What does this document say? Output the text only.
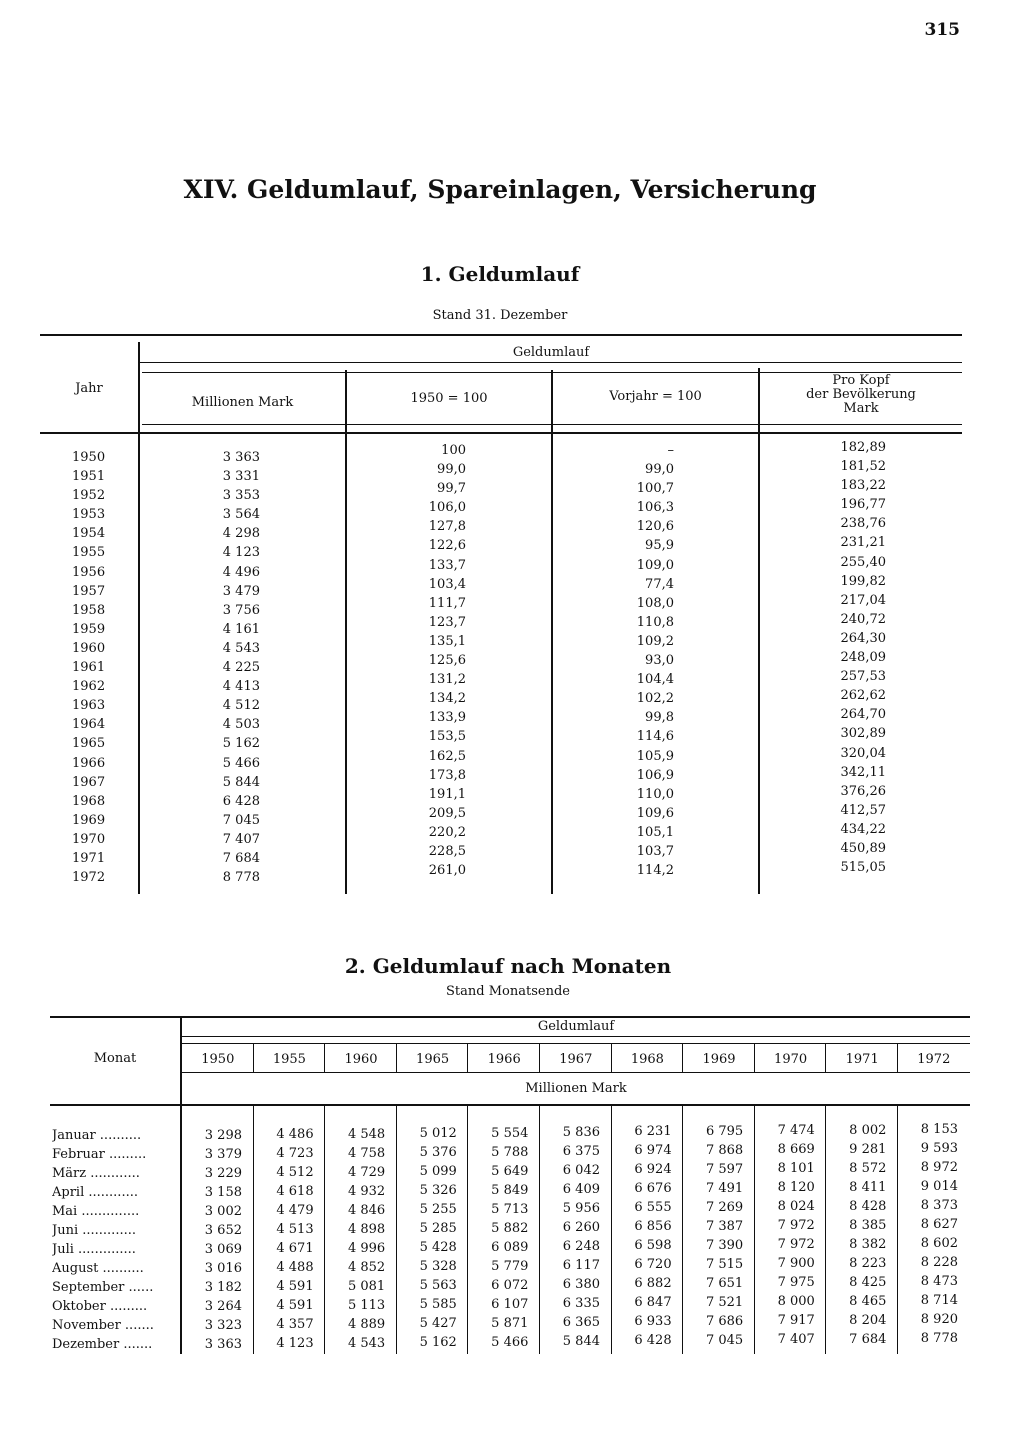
315
XIV. Geldumlauf, Spareinlagen, Versicherung
1. Geldumlauf
Stand 31. Dezember
Jahr
Geldumlauf
Millionen Mark	1950 = 100	Vorjahr = 100
Pro Kopf
der Bevölkerung
Mark
1950	3 363	100	–	182,89
1951	3 331	99,0	99,0	181,52
1952	3 353	99,7	100,7	183,22
1953	3 564	106,0	106,3	196,77
1954	4 298	127,8	120,6	238,76
1955	4 123	122,6	95,9	231,21
1956	4 496	133,7	109,0	255,40
1957	3 479	103,4	77,4	199,82
1958	3 756	111,7	108,0	217,04
1959	4 161	123,7	110,8	240,72
1960	4 543	135,1	109,2	264,30
1961	4 225	125,6	93,0	248,09
1962	4 413	131,2	104,4	257,53
1963	4 512	134,2	102,2	262,62
1964	4 503	133,9	99,8	264,70
1965	5 162	153,5	114,6	302,89
1966	5 466	162,5	105,9	320,04
1967	5 844	173,8	106,9	342,11
1968	6 428	191,1	110,0	376,26
1969	7 045	209,5	109,6	412,57
1970	7 407	220,2	105,1	434,22
1971	7 684	228,5	103,7	450,89
1972	8 778	261,0	114,2	515,05
2. Geldumlauf nach Monaten
Stand Monatsende
Monat
Geldumlauf
Millionen Mark
1950	1955	1960	1965	1966	1967	1968	1969	1970	1971	1972
Januar ..........	3 298	4 486	4 548	5 012	5 554	5 836	6 231	6 795	7 474	8 002	8 153
Februar .........	3 379	4 723	4 758	5 376	5 788	6 375	6 974	7 868	8 669	9 281	9 593
März ............	3 229	4 512	4 729	5 099	5 649	6 042	6 924	7 597	8 101	8 572	8 972
April ............	3 158	4 618	4 932	5 326	5 849	6 409	6 676	7 491	8 120	8 411	9 014
Mai ..............	3 002	4 479	4 846	5 255	5 713	5 956	6 555	7 269	8 024	8 428	8 373
Juni .............	3 652	4 513	4 898	5 285	5 882	6 260	6 856	7 387	7 972	8 385	8 627
Juli ..............	3 069	4 671	4 996	5 428	6 089	6 248	6 598	7 390	7 972	8 382	8 602
August ..........	3 016	4 488	4 852	5 328	5 779	6 117	6 720	7 515	7 900	8 223	8 228
September ......	3 182	4 591	5 081	5 563	6 072	6 380	6 882	7 651	7 975	8 425	8 473
Oktober .........	3 264	4 591	5 113	5 585	6 107	6 335	6 847	7 521	8 000	8 465	8 714
November .......	3 323	4 357	4 889	5 427	5 871	6 365	6 933	7 686	7 917	8 204	8 920
Dezember .......	3 363	4 123	4 543	5 162	5 466	5 844	6 428	7 045	7 407	7 684	8 778
